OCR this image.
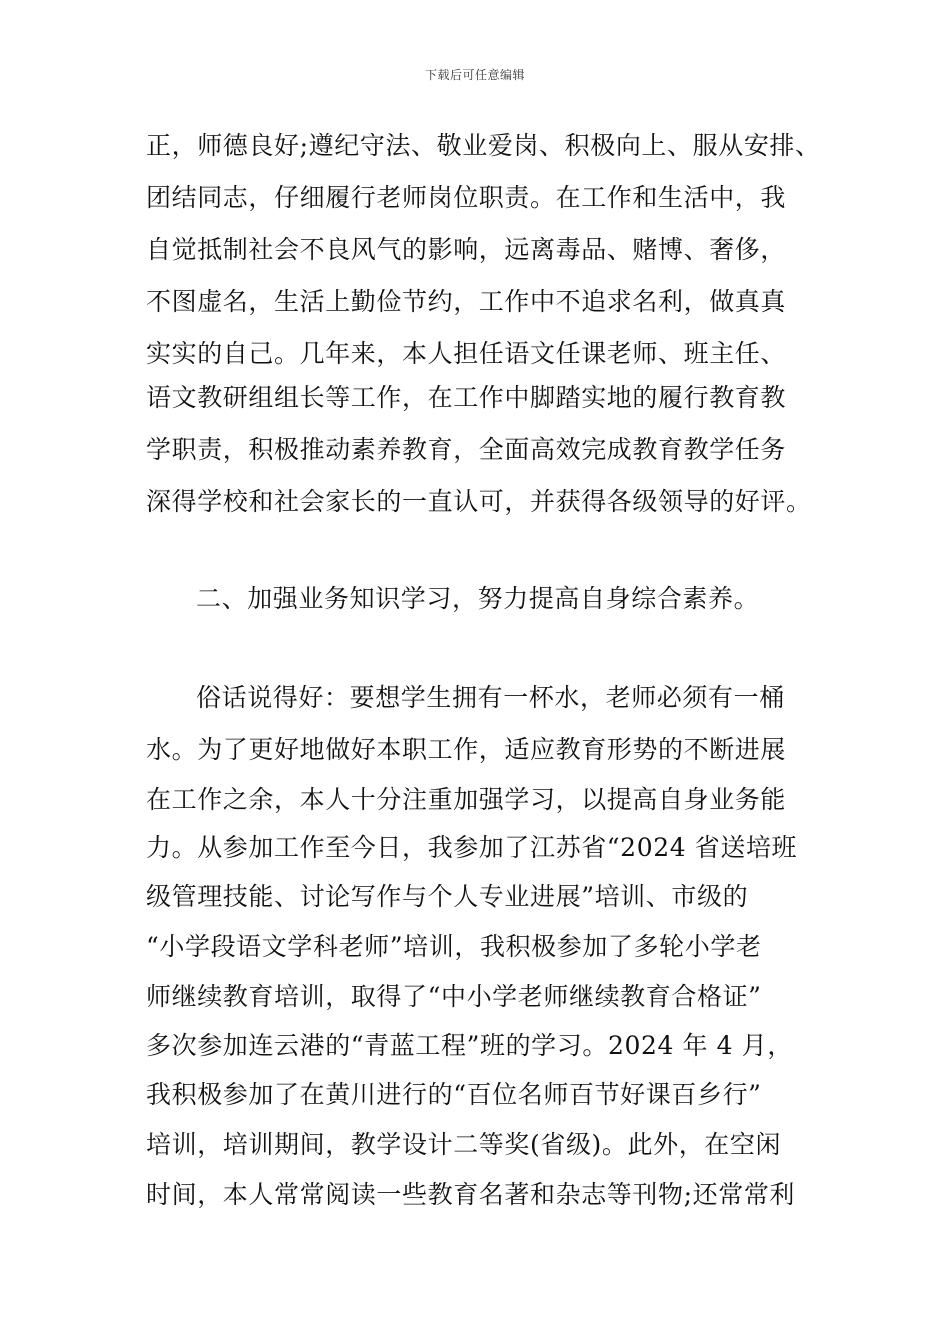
下载后可任意编辑
正，师德良好;遵纪守法、敬业爱岗、积极向上、服从安排、
团结同志，仔细履行老师岗位职责。在工作和生活中，我
自觉抵制社会不良风气的影响，远离毒品、赌博、奢侈，
不图虚名，生活上勤俭节约，工作中不追求名利，做真真
实实的自己。几年来，本人担任语文任课老师、班主任、
语文教研组组长等工作，在工作中脚踏实地的履行教育教
学职责，积极推动素养教育，全面高效完成教育教学任务
深得学校和社会家长的一直认可，并获得各级领导的好评。
二、加强业务知识学习，努力提高自身综合素养。
俗话说得好：要想学生拥有一杯水，老师必须有一桶
水。为了更好地做好本职工作，适应教育形势的不断进展
在工作之余，本人十分注重加强学习，以提高自身业务能
力。从参加工作至今日，我参加了江苏省“2024 省送培班
级管理技能、讨论写作与个人专业进展”培训、市级的
“小学段语文学科老师”培训，我积极参加了多轮小学老
师继续教育培训，取得了“中小学老师继续教育合格证”
多次参加连云港的“青蓝工程”班的学习。2024 年 4 月，
我积极参加了在黄川进行的“百位名师百节好课百乡行”
培训，培训期间，教学设计二等奖(省级)。此外，在空闲
时间，本人常常阅读一些教育名著和杂志等刊物;还常常利
